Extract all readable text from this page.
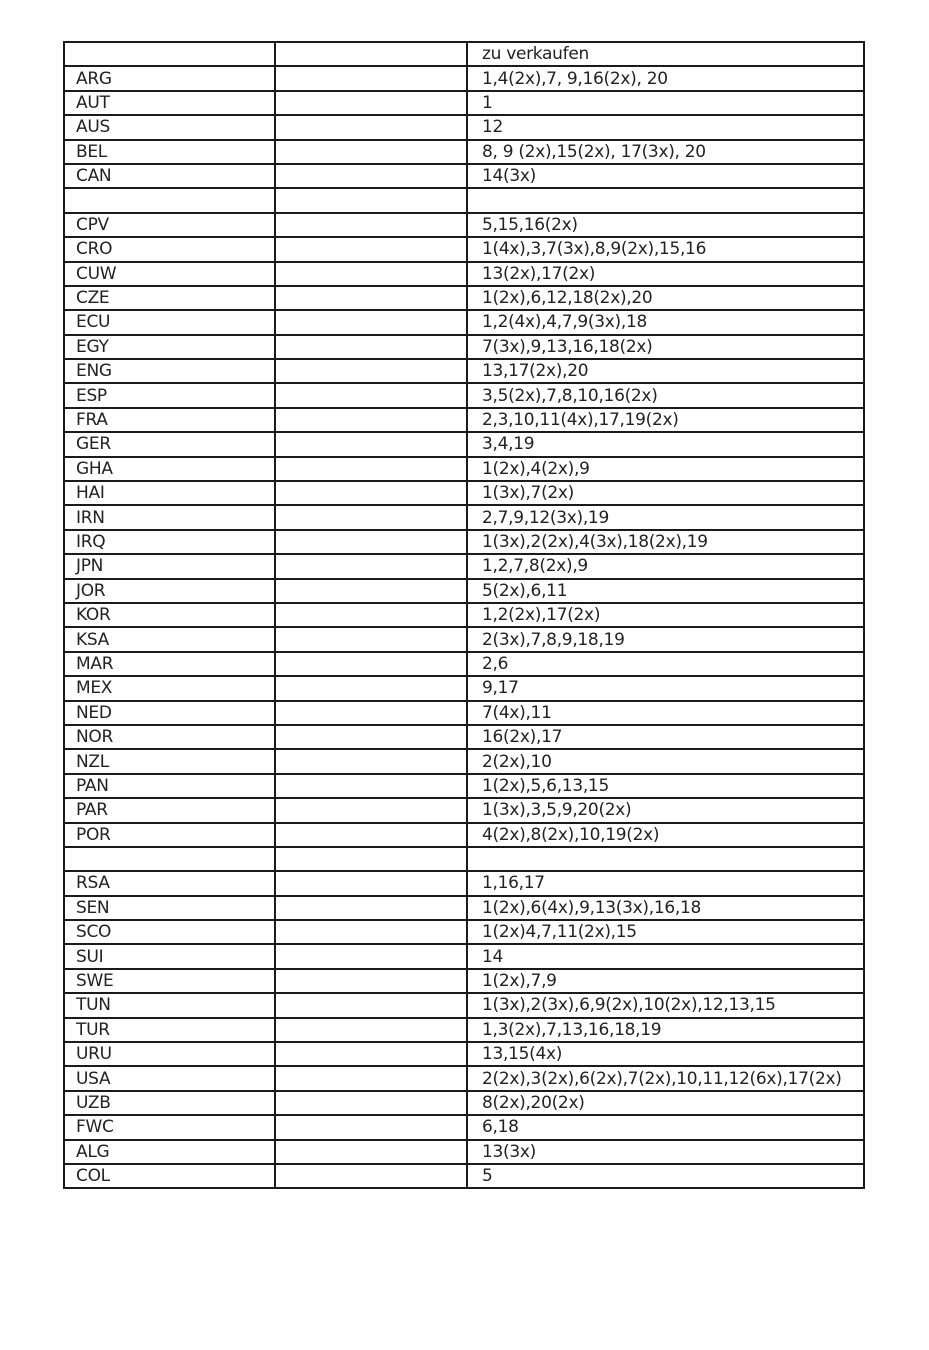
		zu verkaufen
ARG		1,4(2x),7, 9,16(2x), 20
AUT		1
AUS		12
BEL		8, 9 (2x),15(2x), 17(3x), 20
CAN		14(3x)

CPV		5,15,16(2x)
CRO		1(4x),3,7(3x),8,9(2x),15,16
CUW		13(2x),17(2x)
CZE		1(2x),6,12,18(2x),20
ECU		1,2(4x),4,7,9(3x),18
EGY		7(3x),9,13,16,18(2x)
ENG		13,17(2x),20
ESP		3,5(2x),7,8,10,16(2x)
FRA		2,3,10,11(4x),17,19(2x)
GER		3,4,19
GHA		1(2x),4(2x),9
HAI		1(3x),7(2x)
IRN		2,7,9,12(3x),19
IRQ		1(3x),2(2x),4(3x),18(2x),19
JPN		1,2,7,8(2x),9
JOR		5(2x),6,11
KOR		1,2(2x),17(2x)
KSA		2(3x),7,8,9,18,19
MAR		2,6
MEX		9,17
NED		7(4x),11
NOR		16(2x),17
NZL		2(2x),10
PAN		1(2x),5,6,13,15
PAR		1(3x),3,5,9,20(2x)
POR		4(2x),8(2x),10,19(2x)

RSA		1,16,17
SEN		1(2x),6(4x),9,13(3x),16,18
SCO		1(2x)4,7,11(2x),15
SUI		14
SWE		1(2x),7,9
TUN		1(3x),2(3x),6,9(2x),10(2x),12,13,15
TUR		1,3(2x),7,13,16,18,19
URU		13,15(4x)
USA		2(2x),3(2x),6(2x),7(2x),10,11,12(6x),17(2x)
UZB		8(2x),20(2x)
FWC		6,18
ALG		13(3x)
COL		5
